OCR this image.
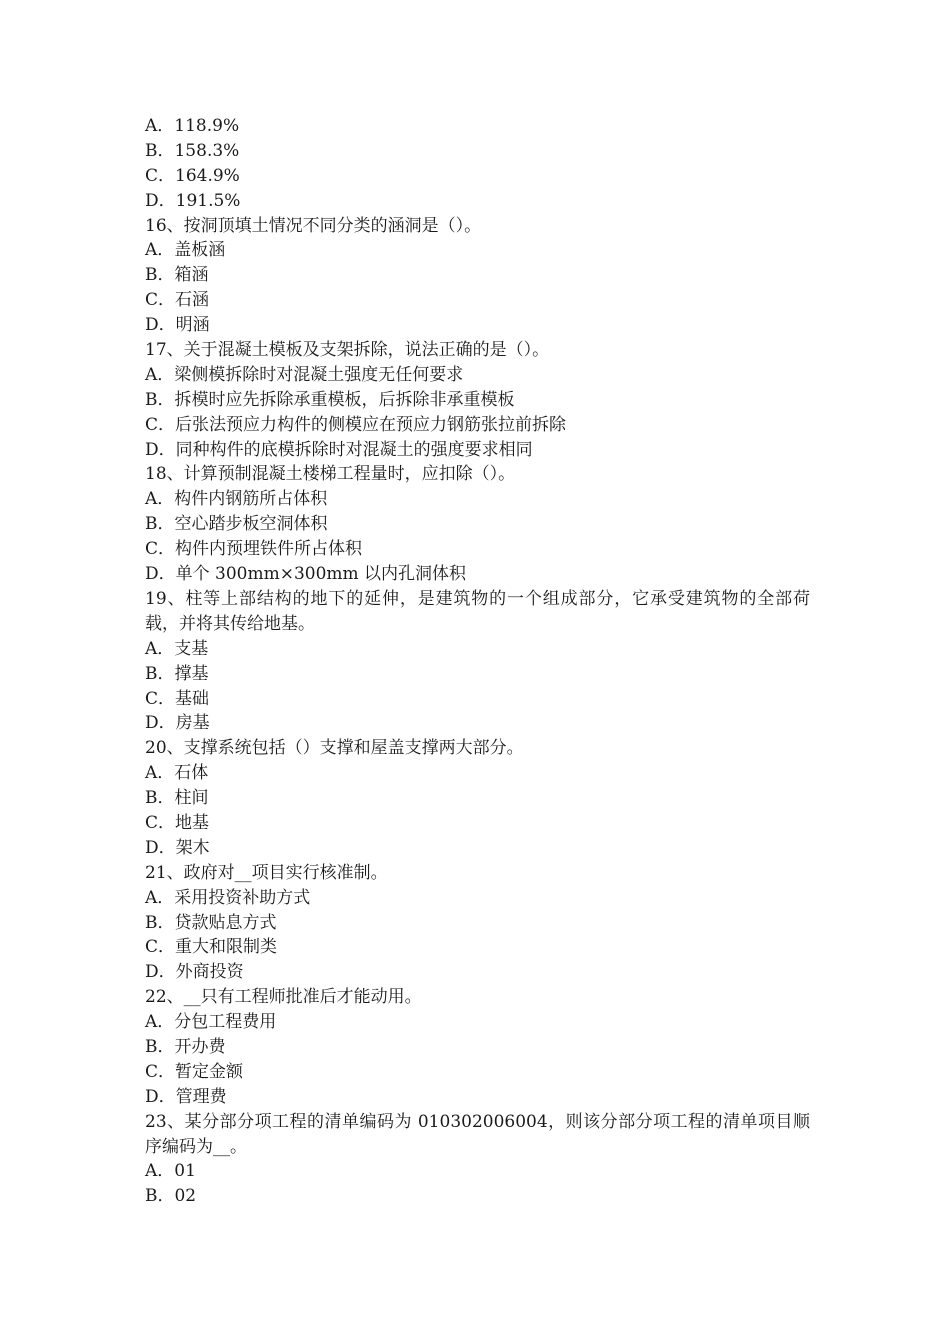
A．118.9%
B．158.3%
C．164.9%
D．191.5%
16、按洞顶填土情况不同分类的涵洞是（）。
A．盖板涵
B．箱涵
C．石涵
D．明涵
17、关于混凝土模板及支架拆除，说法正确的是（）。
A．梁侧模拆除时对混凝土强度无任何要求
B．拆模时应先拆除承重模板，后拆除非承重模板
C．后张法预应力构件的侧模应在预应力钢筋张拉前拆除
D．同种构件的底模拆除时对混凝土的强度要求相同
18、计算预制混凝土楼梯工程量时，应扣除（）。
A．构件内钢筋所占体积
B．空心踏步板空洞体积
C．构件内预埋铁件所占体积
D．单个 300mm×300mm 以内孔洞体积
19、柱等上部结构的地下的延伸，是建筑物的一个组成部分，它承受建筑物的全部荷载，并将其传给地基。
A．支基
B．撑基
C．基础
D．房基
20、支撑系统包括（）支撑和屋盖支撑两大部分。
A．石体
B．柱间
C．地基
D．架木
21、政府对__项目实行核准制。
A．采用投资补助方式
B．贷款贴息方式
C．重大和限制类
D．外商投资
22、__只有工程师批准后才能动用。
A．分包工程费用
B．开办费
C．暂定金额
D．管理费
23、某分部分项工程的清单编码为 010302006004，则该分部分项工程的清单项目顺序编码为__。
A．01
B．02
